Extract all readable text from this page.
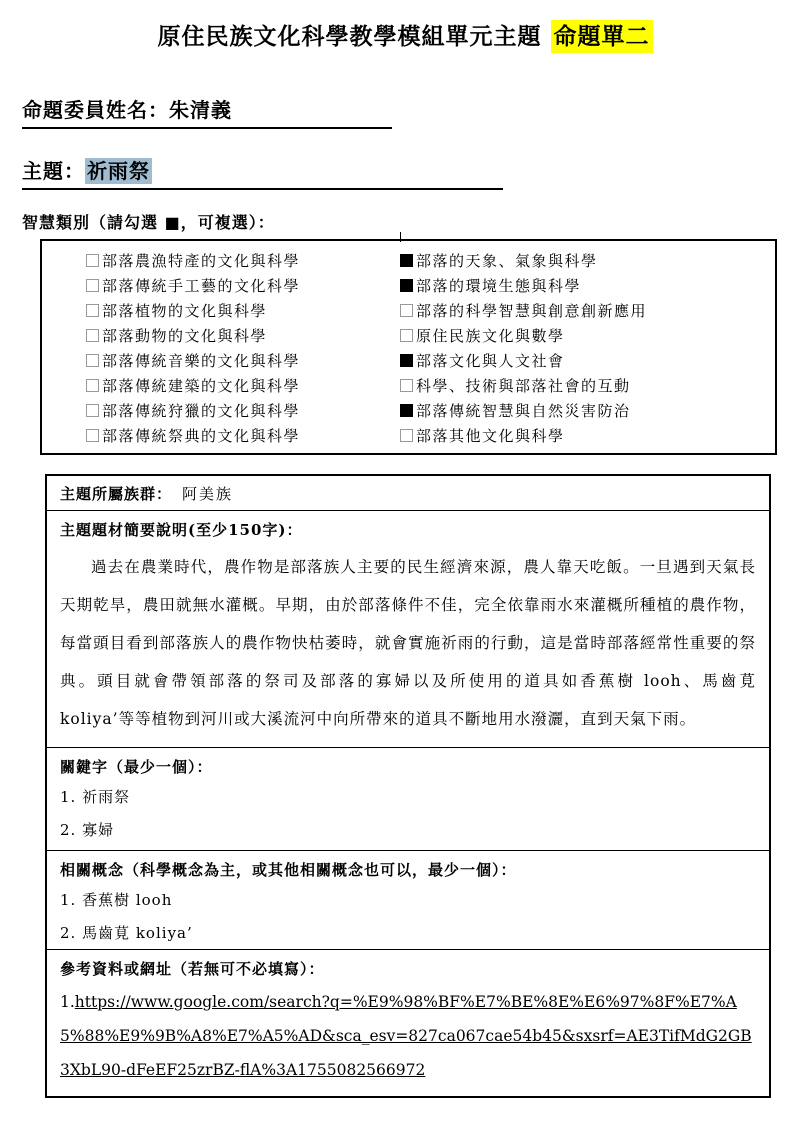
原住民族文化科學教學模組單元主題 命題單二
命題委員姓名：朱清義
主題： 祈雨祭
智慧類別（請勾選 ■，可複選）：
部落農漁特產的文化與科學
部落傳統手工藝的文化科學
部落植物的文化與科學
部落動物的文化與科學
部落傳統音樂的文化與科學
部落傳統建築的文化與科學
部落傳統狩獵的文化與科學
部落傳統祭典的文化與科學
部落的天象、氣象與科學
部落的環境生態與科學
部落的科學智慧與創意創新應用
原住民族文化與數學
部落文化與人文社會
科學、技術與部落社會的互動
部落傳統智慧與自然災害防治
部落其他文化與科學
主題所屬族群： 阿美族
主題題材簡要說明(至少150字)：
過去在農業時代，農作物是部落族人主要的民生經濟來源，農人靠天吃飯。一旦遇到天氣長天期乾旱，農田就無水灌概。早期，由於部落條件不佳，完全依靠雨水來灌概所種植的農作物，每當頭目看到部落族人的農作物快枯萎時，就會實施祈雨的行動，這是當時部落經常性重要的祭典。頭目就會帶領部落的祭司及部落的寡婦以及所使用的道具如香蕉樹 looh、馬齒莧 koliya’等等植物到河川或大溪流河中向所帶來的道具不斷地用水潑灑，直到天氣下雨。
關鍵字（最少一個）：
1. 祈雨祭
2. 寡婦
相關概念（科學概念為主，或其他相關概念也可以，最少一個）：
1. 香蕉樹 looh
2. 馬齒莧 koliya’
參考資料或網址（若無可不必填寫）：
1.https://www.google.com/search?q=%E9%98%BF%E7%BE%8E%E6%97%8F%E7%A5%88%E9%9B%A8%E7%A5%AD&sca_esv=827ca067cae54b45&sxsrf=AE3TifMdG2GB3XbL90-dFeEF25zrBZ-flA%3A1755082566972
